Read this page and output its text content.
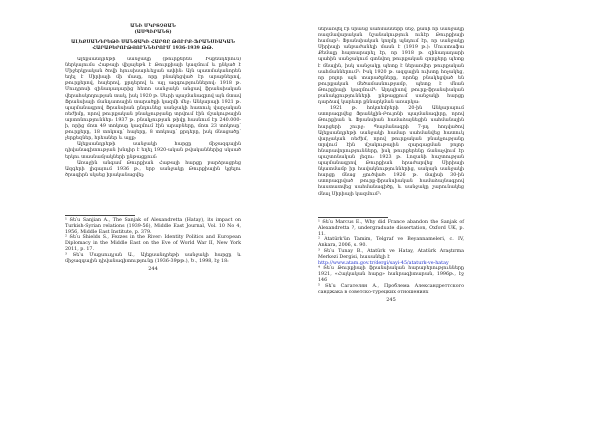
ԱՆԻ ՄԿՐՏՉՅԱՆ
(ԱՍՊԻՐԱՆՏ)
ԱԼԵՔՍԱՆԴՐԵԹԻ ՍԱՆՋԱԿԻ ՀԱՐՑԸ ԹՈՒՐՔ-ՖՐԱՆՍԻԱԿԱՆ
ՀԱՐԱԲԵՐՈՒԹՅՈՒՆՆԵՐՈՒՄ 1936-1939 ԹԹ.

Ալեքսանդրեթի սանջակը (թուրքերեն՝ Իսքենդերուն) ներկայումս Հաթայի վիլայեթն է Թուրքիայի կազմում և ընկած է Միջերկրական ծովի հյուսիսարևելյան ափին: Այն պատմականորեն եղել է Սիրիայի մի մասը, որը բնակեցված էր արաբներով, թուրքերով, հայերով, քրդերով և այլ ազգություններով: 1918 թ. Մուդրոսի զինադադարից հետո սանջակն անցավ ֆրանսիական վերահսկողության տակ, իսկ 1920 թ. Սևրի պայմանագրով այն մտավ Ֆրանսիայի մանդատային տարածքի կազմի մեջ: Անկարայի 1921 թ. պայմանագրով Ֆրանսիան ընդունեց սանջակի հատուկ վարչական ռեժիմը, որով թուրքական բնակչությանը տրվում էին մշակութային արտոնություններ: 1937 թ. բնակչության թիվը հասնում էր 240.000-ի, որից մոտ 49 տոկոսը կազմում էին արաբները, մոտ 23 տոկոսը՝ թուրքերը, 18 տոկոսը՝ հայերը, 8 տոկոսը՝ քրդերը, իսկ մնացածը՝ չերքեզներ, հրեաներ և այլք:

Ալեքսանդրեթի սանջակի հարցը միջազգային դիվանագիտության խնդիր է եղել 1920-ական թվականներից սկսած երկու տասնամյակների ընթացքում:

Առաջին անգամ Թուրքիան Հաթայի հարցը բարձրացրեց Ազգերի լիգայում 1936 թ., երբ սանջակը Թուրքիային կցելու ծրագիրն սկսեց իրականացվել:

¹ Տե՛ս Sanjian A., The Sanjak of Alexandretta (Hatay), its impact on Turkish-Syrian relations (1939-56), Middle East Journal, Vol. 10 No 4, 1956, Middle East Institute, p. 379.

² Տե՛ս Shields S., Fezzes in the River: Identity Politics and European Diplomacy in the Middle East on the Eve of World War II, New York 2011, p. 17.

³ Տե՛ս Մաքսուդյան Ա., Ալեքսանդրեթի սանջակի հարցը և միջազգային դիվանագիտությունը (1936-39թթ.), Ե., 1998, էջ 18:

244

ներառվել էր նրանց սահմանների մեջ, քանի որ սանջակը ռազմավարական նշանակություն ունէր Թուրքիայի համար²: Ֆրանսիական կողմը պնդում էր, որ սանջակը Սիրիայի անբաժանելի մասն է (1919 թ.): Մուստաֆա Քեմալը հայտարարել էր, որ 1918 թ. զինադադարի պահին սանջակում գտնվող թուրքական զորքերը պետք է մնային, իսկ սանջակը պետք է ներառվեր թուրքական սահմաններում³: Իսկ 1920 թ. ազգային ուխտը հռչակեց, որ բոլոր այն տարածքները, որոնք բնակեցված են թուրքական մեծամասնությամբ, պետք է մնան Թուրքիայի կազմում⁴: Այդպիսով թուրք-ֆրանսիական բանակցությունների ընթացքում սանջակի հարցը դարձավ կարևոր քննարկման առարկա:

1921 թ. հոկտեմբերի 20-ին Անկարայում ստորագրվեց Ֆրանկլին-Բույոնի պայմանագիրը, որով Թուրքիան և Ֆրանսիան համաձայնեցին սահմանային հարցերի շուրջ: Պայմանագրի 7-րդ հոդվածով Ալեքսանդրեթի սանջակի համար սահմանվեց հատուկ վարչական ռեժիմ, որով թուրքական բնակչությանը տրվում էին մշակութային զարգացման բոլոր հնարավորությունները, իսկ թուրքերենը ճանաչվում էր պաշտոնական լեզու: 1923 թ. Լոզանի հաշտության պայմանագրով Թուրքիան հրաժարվեց Սիրիայի նկատմամբ իր հավակնություններից, սակայն սանջակի հարցը մնաց չլուծված: 1926 թ. մայիսի 30-ին ստորագրված թուրք-ֆրանսիական համաձայնագրով հաստատվեց սահմանագիծը, և սանջակը շարունակեց մնալ Սիրիայի կազմում⁵:

¹ Տե՛ս Marcus E., Why did France abandon the Sanjak of Alexandretta ?, undergraduate dissertation, Oxford UK, p. 11.

² Atatürk'ün Tamim, Telgraf ve Beyannameleri, c. IV, Ankara, 2006, s. 90.

³ Տե՛ս Tunay B., Atatürk ve Hatay, Atatürk Araştırma Merkezi Dergisi, հասանելի է

http://www.atam.gov.tr/dergi/sayi-45/ataturk-ve-hatay

⁴ Տե՛ս Թուրքիայի ֆրանսիական հարաբերությունները 1921, «Հայկական հարց» հանրագիտարան, 1996թ., էջ 146

⁵ Տե՛ս Сагателян А., Проблема Александреттского санджака в советско-турецких отношениях

245
